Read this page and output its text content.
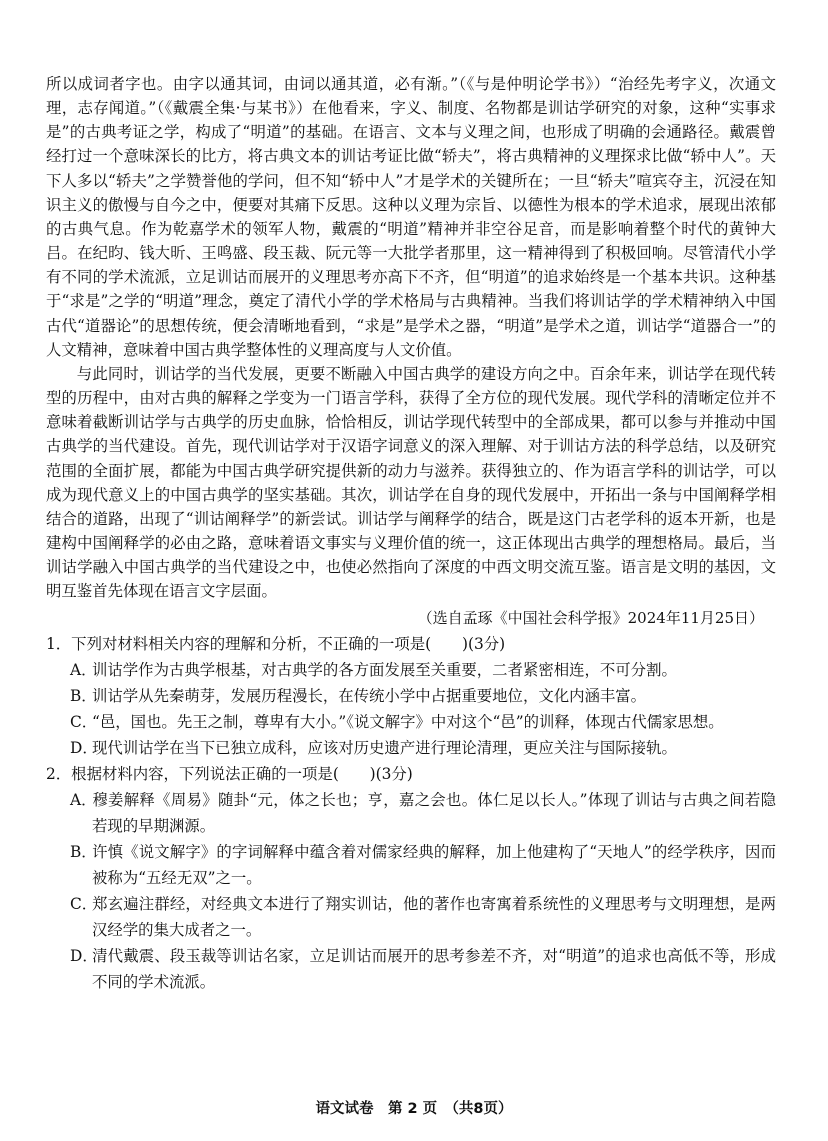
所以成词者字也。由字以通其词，由词以通其道，必有渐。”（《与是仲明论学书》）“治经先考字义，次通文理，志存闻道。”（《戴震全集·与某书》）在他看来，字义、制度、名物都是训诂学研究的对象，这种“实事求是”的古典考证之学，构成了“明道”的基础。在语言、文本与义理之间，也形成了明确的会通路径。戴震曾经打过一个意味深长的比方，将古典文本的训诂考证比做“轿夫”，将古典精神的义理探求比做“轿中人”。天下人多以“轿夫”之学赞誉他的学问，但不知“轿中人”才是学术的关键所在；一旦“轿夫”喧宾夺主，沉浸在知识主义的傲慢与自今之中，便要对其痛下反思。这种以义理为宗旨、以德性为根本的学术追求，展现出浓郁的古典气息。作为乾嘉学术的领军人物，戴震的“明道”精神并非空谷足音，而是影响着整个时代的黄钟大吕。在纪昀、钱大昕、王鸣盛、段玉裁、阮元等一大批学者那里，这一精神得到了积极回响。尽管清代小学有不同的学术流派，立足训诂而展开的义理思考亦高下不齐，但“明道”的追求始终是一个基本共识。这种基于“求是”之学的“明道”理念，奠定了清代小学的学术格局与古典精神。当我们将训诂学的学术精神纳入中国古代“道器论”的思想传统，便会清晰地看到，“求是”是学术之器，“明道”是学术之道，训诂学“道器合一”的人文精神，意味着中国古典学整体性的义理高度与人文价值。

与此同时，训诂学的当代发展，更要不断融入中国古典学的建设方向之中。百余年来，训诂学在现代转型的历程中，由对古典的解释之学变为一门语言学科，获得了全方位的现代发展。现代学科的清晰定位并不意味着截断训诂学与古典学的历史血脉，恰恰相反，训诂学现代转型中的全部成果，都可以参与并推动中国古典学的当代建设。首先，现代训诂学对于汉语字词意义的深入理解、对于训诂方法的科学总结，以及研究范围的全面扩展，都能为中国古典学研究提供新的动力与滋养。获得独立的、作为语言学科的训诂学，可以成为现代意义上的中国古典学的坚实基础。其次，训诂学在自身的现代发展中，开拓出一条与中国阐释学相结合的道路，出现了“训诂阐释学”的新尝试。训诂学与阐释学的结合，既是这门古老学科的返本开新，也是建构中国阐释学的必由之路，意味着语文事实与义理价值的统一，这正体现出古典学的理想格局。最后，当训诂学融入中国古典学的当代建设之中，也使必然指向了深度的中西文明交流互鉴。语言是文明的基因，文明互鉴首先体现在语言文字层面。

（选自孟琢《中国社会科学报》2024年11月25日）

1．下列对材料相关内容的理解和分析，不正确的一项是(　　)(3分)

A．训诂学作为古典学根基，对古典学的各方面发展至关重要，二者紧密相连，不可分割。

B．训诂学从先秦萌芽，发展历程漫长，在传统小学中占据重要地位，文化内涵丰富。

C．“邑，国也。先王之制，尊卑有大小。”《说文解字》中对这个“邑”的训释，体现古代儒家思想。

D．现代训诂学在当下已独立成科，应该对历史遗产进行理论清理，更应关注与国际接轨。

2．根据材料内容，下列说法正确的一项是(　　)(3分)

A．穆姜解释《周易》随卦“元，体之长也；亨，嘉之会也。体仁足以长人。”体现了训诂与古典之间若隐若现的早期渊源。

B．许慎《说文解字》的字词解释中蕴含着对儒家经典的解释，加上他建构了“天地人”的经学秩序，因而被称为“五经无双”之一。

C．郑玄遍注群经，对经典文本进行了翔实训诂，他的著作也寄寓着系统性的义理思考与文明理想，是两汉经学的集大成者之一。

D．清代戴震、段玉裁等训诂名家，立足训诂而展开的思考参差不齐，对“明道”的追求也高低不等，形成不同的学术流派。

语文试卷　第 2 页　（共8页）
